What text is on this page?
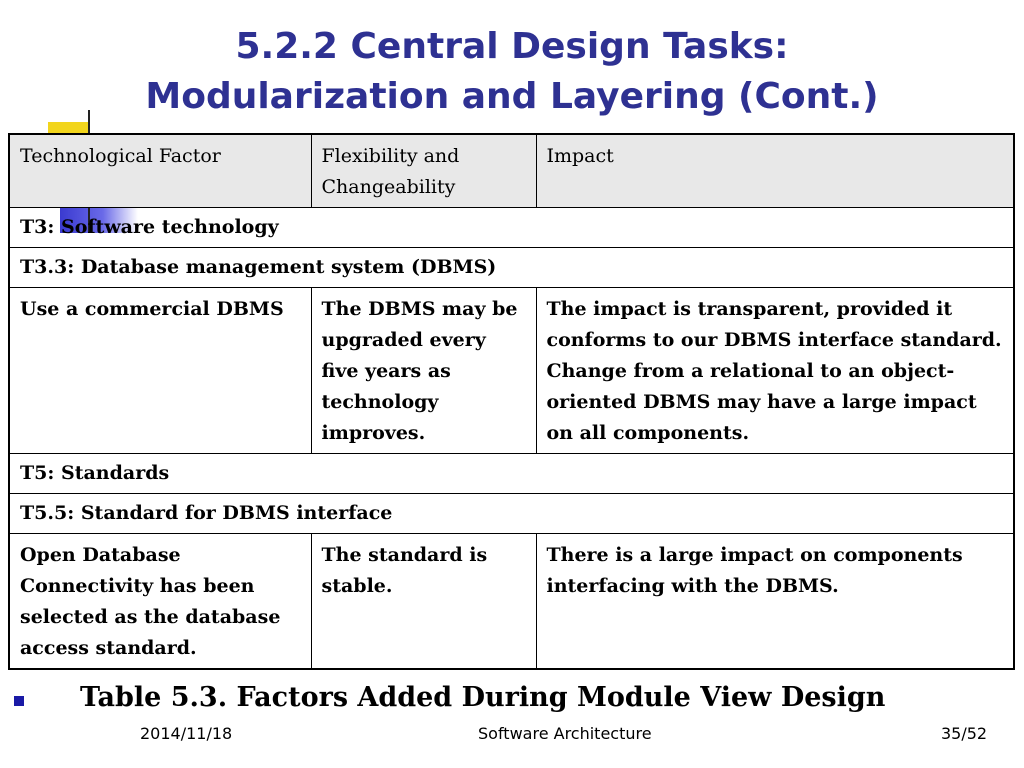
5.2.2 Central Design Tasks:
Modularization and Layering (Cont.)
Technological Factor	Flexibility and Changeability	Impact
T3: Software technology		
T3.3: Database management system (DBMS)		
Use a commercial DBMS	The DBMS may be upgraded every five years as technology improves.	The impact is transparent, provided it conforms to our DBMS interface standard. Change from a relational to an object-oriented DBMS may have a large impact on all components.
T5: Standards		
T5.5: Standard for DBMS interface		
Open Database Connectivity has been selected as the database access standard.	The standard is stable.	There is a large impact on components interfacing with the DBMS.
Table 5.3. Factors Added During Module View Design
2014/11/18	Software Architecture	35/52
